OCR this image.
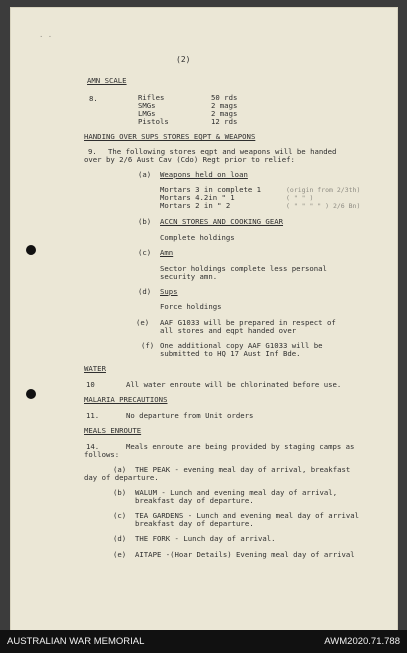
· ·
(2)
AMN SCALE
8.	Rifles	50 rds
SMGs	2 mags
LMGs	2 mags
Pistols	12 rds
HANDING OVER SUPS STORES EQPT & WEAPONS
9. The following stores eqpt and weapons will be handed
over by 2/6 Aust Cav (Cdo) Regt prior to relief:
(a) Weapons held on loan
Mortars 3 in complete 1	(origin from 2/3th)
Mortars 4.2in " 1	( " " )
Mortars 2 in " 2	( " " " " ) 2/6 Bn)
(b) ACCN STORES AND COOKING GEAR
Complete holdings
(c) Amn
Sector holdings complete less personal
security amn.
(d) Sups
Force holdings
(e) AAF G1033 will be prepared in respect of
all stores and eqpt handed over
(f) One additional copy AAF G1033 will be
submitted to HQ 17 Aust Inf Bde.
WATER
10	All water enroute will be chlorinated before use.
MALARIA PRECAUTIONS
11.	No departure from Unit orders
MEALS ENROUTE
14.	Meals enroute are being provided by staging camps as
follows:
(a) THE PEAK - evening meal day of arrival, breakfast
day of departure.
(b) WALUM - Lunch and evening meal day of arrival,
breakfast day of departure.
(c) TEA GARDENS - Lunch and evening meal day of arrival
breakfast day of departure.
(d) THE FORK - Lunch day of arrival.
(e) AITAPE -(Hoar Details) Evening meal day of arrival
AUSTRALIAN WAR MEMORIAL	AWM2020.71.788
